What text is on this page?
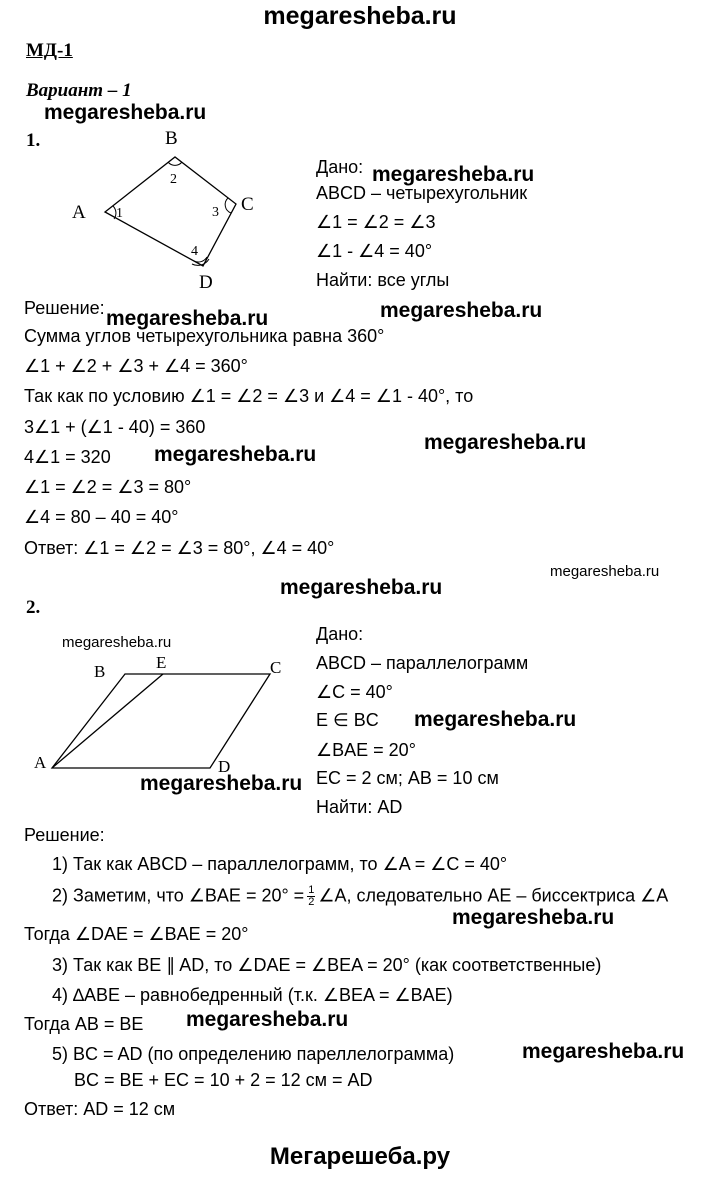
megaresheba.ru
МД-1
Вариант – 1
megaresheba.ru
1.
A
B
C
D
1
2
3
4
Дано: megaresheba.ru
ABCD – четырехугольник
∠1 = ∠2 = ∠3
∠1 - ∠4 = 40°
Найти: все углы
Решение: megaresheba.ru	megaresheba.ru
Сумма углов четырехугольника равна 360°
∠1 + ∠2 + ∠3 + ∠4 = 360°
Так как по условию ∠1 = ∠2 = ∠3 и ∠4 = ∠1 - 40°, то
3∠1 + (∠1 - 40) = 360
megaresheba.ru
4∠1 = 320 megaresheba.ru
∠1 = ∠2 = ∠3 = 80°
∠4 = 80 – 40 = 40°
Ответ: ∠1 = ∠2 = ∠3 = 80°, ∠4 = 40°
megaresheba.ru
megaresheba.ru
2.
megaresheba.ru
A
B	E	C
D
Дано:
ABCD – параллелограмм
∠C = 40°
E ∈ BC megaresheba.ru
∠BAE = 20°
EC = 2 см; AB = 10 см
megaresheba.ru
Найти: AD
Решение:
1) Так как ABCD – параллелограмм, то ∠A = ∠C = 40°
2) Заметим, что ∠BAE = $20^\circ = \frac{1}{2}$ ∠A, следовательно AE – биссектриса ∠A
megaresheba.ru
Тогда ∠DAE = ∠BAE = 20°
3) Так как BE ∥ AD, то ∠DAE = ∠BEA = 20° (как соответственные)
4) ∆ABE – равнобедренный (т.к. ∠BEA = ∠BAE)
Тогда AB = BE megaresheba.ru
5) BC = AD (по определению пареллелограмма)	megaresheba.ru
BC = BE + EC = 10 + 2 = 12 см = AD
Ответ: AD = 12 см
Мегарешеба.ру
